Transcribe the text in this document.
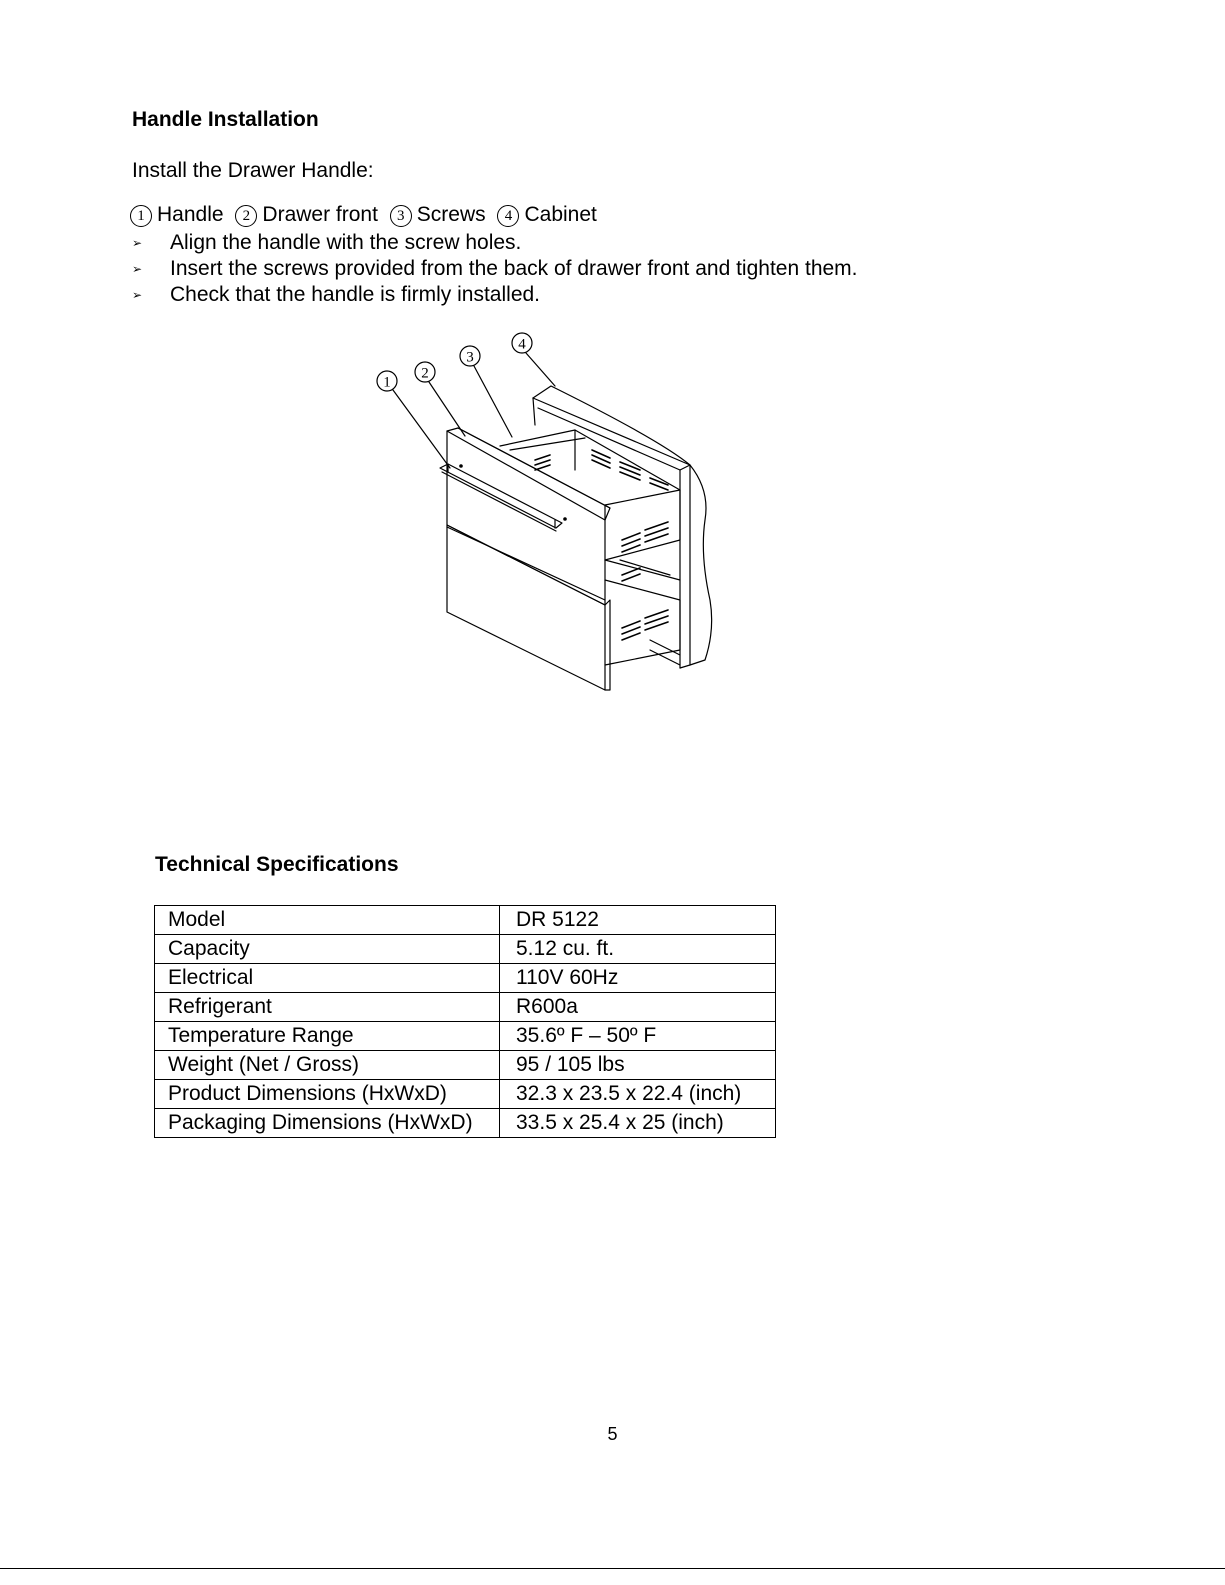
Handle Installation

Install the Drawer Handle:

1 Handle 2 Drawer front 3 Screws 4 Cabinet
➢ Align the handle with the screw holes.
➢ Insert the screws provided from the back of drawer front and tighten them.
➢ Check that the handle is firmly installed.
1
2
3
4
Technical Specifications
Model	DR 5122
Capacity	5.12 cu. ft.
Electrical	110V 60Hz
Refrigerant	R600a
Temperature Range	35.6º F – 50º F
Weight (Net / Gross)	95 / 105 lbs
Product Dimensions (HxWxD)	32.3 x 23.5 x 22.4 (inch)
Packaging Dimensions (HxWxD)	33.5 x 25.4 x 25 (inch)
5
